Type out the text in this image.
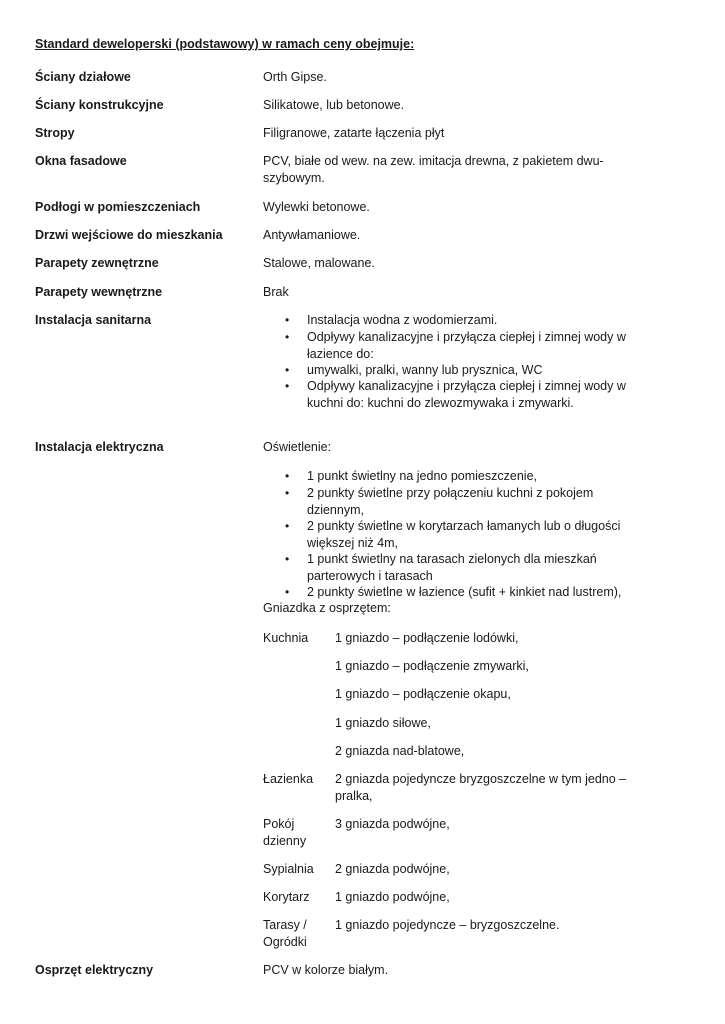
Standard deweloperski (podstawowy) w ramach ceny obejmuje:
Ściany działowe	Orth Gipse.
Ściany konstrukcyjne	Silikatowe, lub betonowe.
Stropy	Filigranowe, zatarte łączenia płyt
Okna fasadowe	PCV, białe od wew. na zew. imitacja drewna, z pakietem dwu-szybowym.
Podłogi w pomieszczeniach	Wylewki betonowe.
Drzwi wejściowe do mieszkania	Antywłamaniowe.
Parapety zewnętrzne	Stalowe, malowane.
Parapety wewnętrzne	Brak
Instalacja sanitarna
•	Instalacja wodna z wodomierzami.
• Odpływy kanalizacyjne i przyłącza ciepłej i zimnej wody w łazience do:
• umywalki, pralki, wanny lub prysznica, WC
• Odpływy kanalizacyjne i przyłącza ciepłej i zimnej wody w kuchni do: kuchni do zlewozmywaka i zmywarki.
Instalacja elektryczna	Oświetlenie:
• 1 punkt świetlny na jedno pomieszczenie,
• 2 punkty świetlne przy połączeniu kuchni z pokojem dziennym,
• 2 punkty świetlne w korytarzach łamanych lub o długości większej niż 4m,
• 1 punkt świetlny na tarasach zielonych dla mieszkań parterowych i tarasach
• 2 punkty świetlne w łazience (sufit + kinkiet nad lustrem),
Gniazdka z osprzętem:
Kuchnia	1 gniazdo – podłączenie lodówki,
1 gniazdo – podłączenie zmywarki,
1 gniazdo – podłączenie okapu,
1 gniazdo siłowe,
2 gniazda nad-blatowe,
Łazienka	2 gniazda pojedyncze bryzgoszczelne w tym jedno – pralka,
Pokój dzienny
3 gniazda podwójne,
Sypialnia	2 gniazda podwójne,
Korytarz	1 gniazdo podwójne,
Tarasy / Ogródki
1 gniazdo pojedyncze – bryzgoszczelne.
Osprzęt elektryczny	PCV w kolorze białym.
